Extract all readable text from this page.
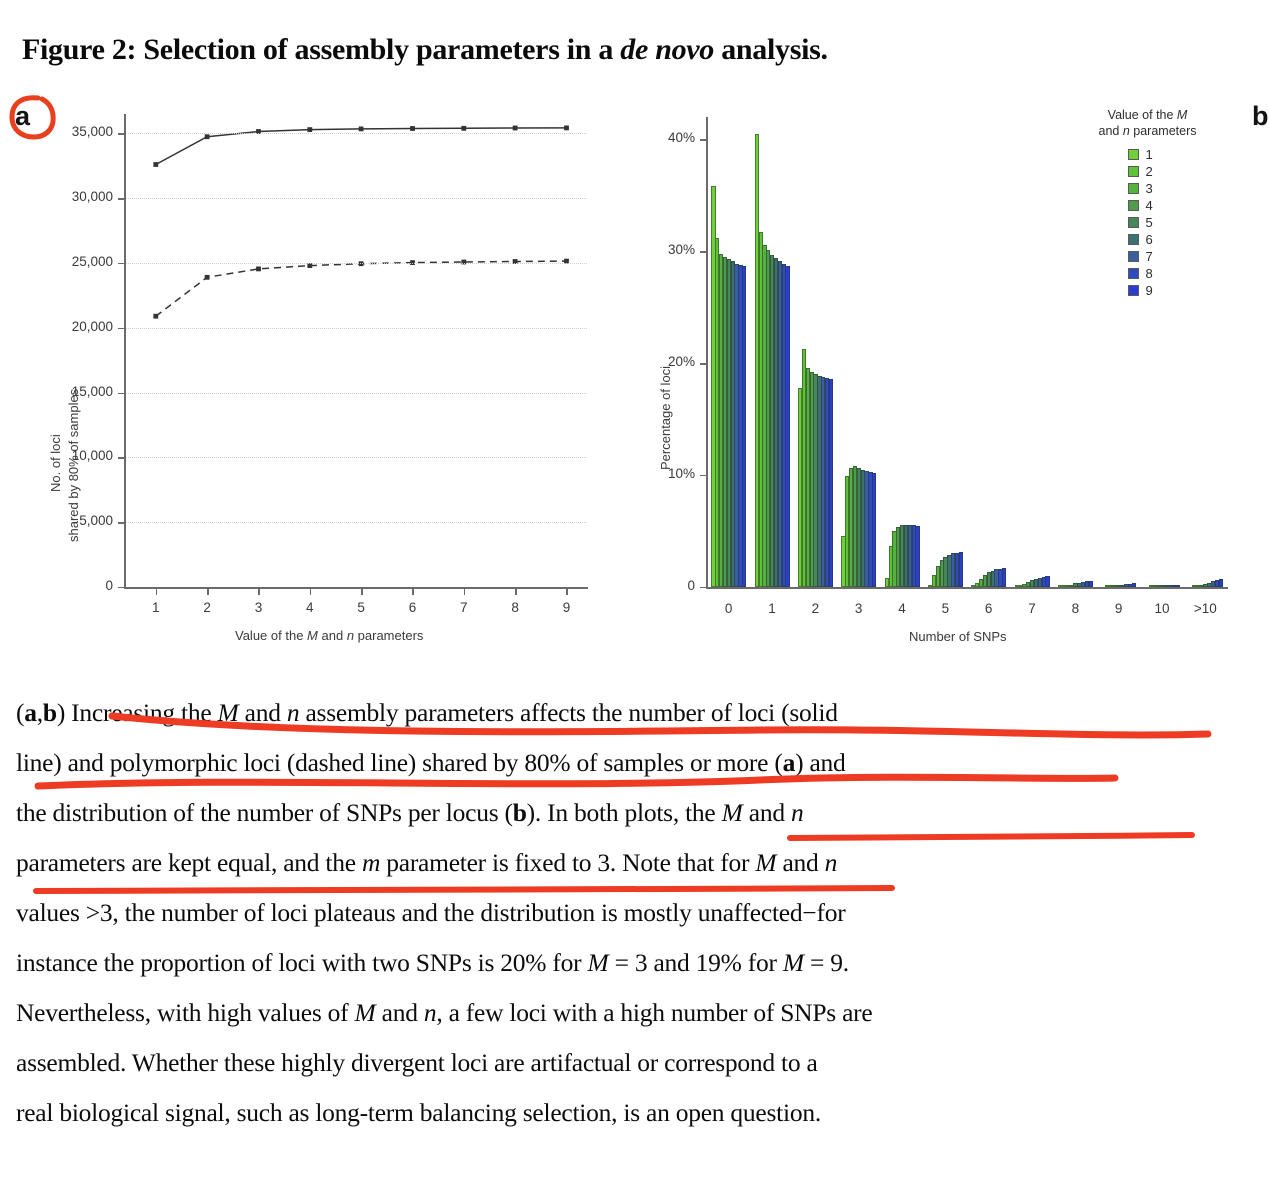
Figure 2: Selection of assembly parameters in a de novo analysis.
a
No. of loci shared by 80% of samples
Value of the M and n parameters
0
5,000
10,000
15,000
20,000
25,000
30,000
35,000
1	2	3	4	5	6	7	8	9
b
Percentage of loci
Number of SNPs
Value of the M
and n parameters
1
2
3
4
5
6
7
8
9
0
10%
20%
30%
40%
0	1	2	3	4	5	6	7	8	9	10	>10
(a,b) Increasing the M and n assembly parameters affects the number of loci (solid
line) and polymorphic loci (dashed line) shared by 80% of samples or more (a) and
the distribution of the number of SNPs per locus (b). In both plots, the M and n
parameters are kept equal, and the m parameter is fixed to 3. Note that for M and n
values >3, the number of loci plateaus and the distribution is mostly unaffected−for
instance the proportion of loci with two SNPs is 20% for M = 3 and 19% for M = 9.
Nevertheless, with high values of M and n, a few loci with a high number of SNPs are
assembled. Whether these highly divergent loci are artifactual or correspond to a
real biological signal, such as long-term balancing selection, is an open question.
